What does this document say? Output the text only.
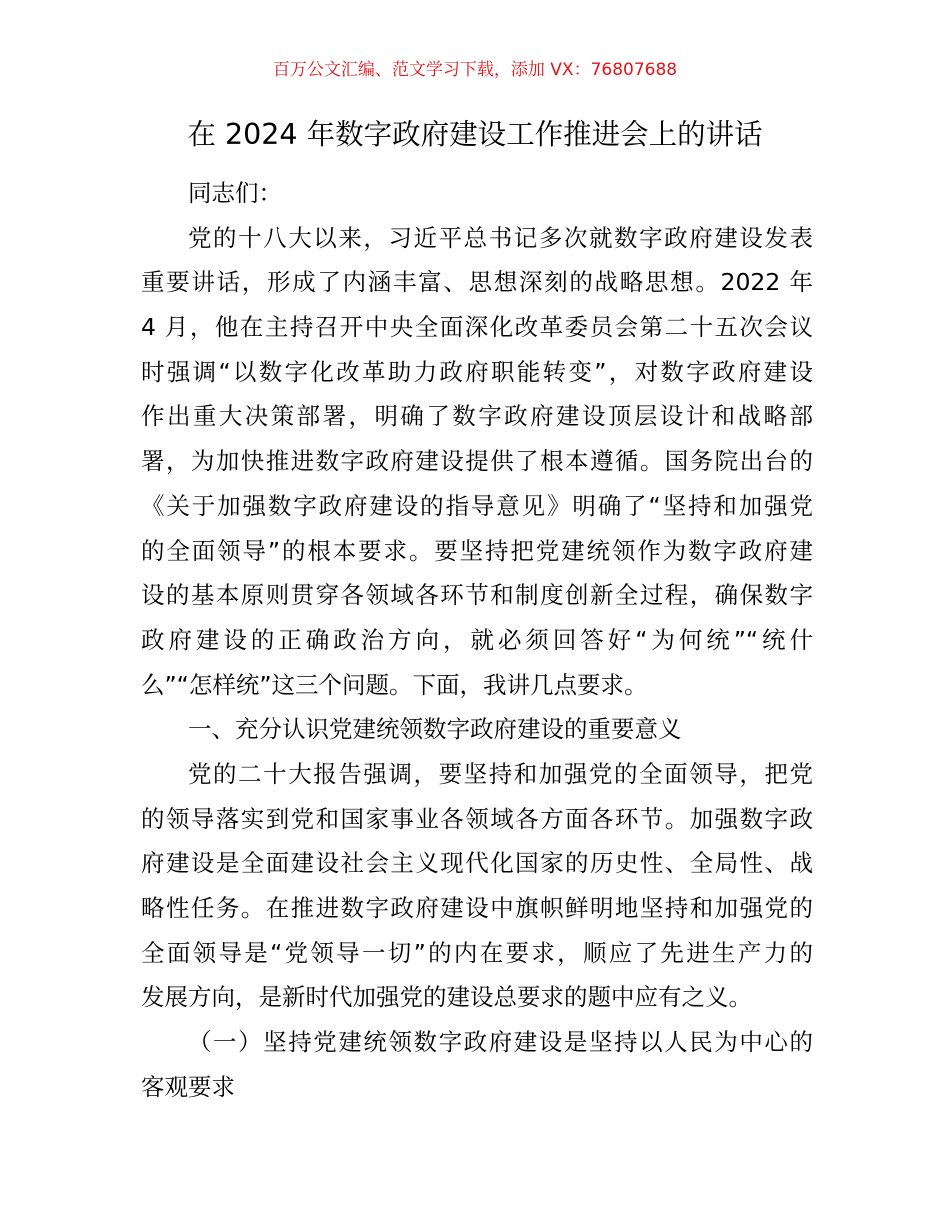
百万公文汇编、范文学习下载，添加 VX：76807688
在 2024 年数字政府建设工作推进会上的讲话
同志们：
党的十八大以来，习近平总书记多次就数字政府建设发表
重要讲话，形成了内涵丰富、思想深刻的战略思想。2022 年
4 月，他在主持召开中央全面深化改革委员会第二十五次会议
时强调“以数字化改革助力政府职能转变”，对数字政府建设
作出重大决策部署，明确了数字政府建设顶层设计和战略部
署，为加快推进数字政府建设提供了根本遵循。国务院出台的
《关于加强数字政府建设的指导意见》明确了“坚持和加强党
的全面领导”的根本要求。要坚持把党建统领作为数字政府建
设的基本原则贯穿各领域各环节和制度创新全过程，确保数字
政府建设的正确政治方向，就必须回答好“为何统”“统什
么”“怎样统”这三个问题。下面，我讲几点要求。
一、充分认识党建统领数字政府建设的重要意义
党的二十大报告强调，要坚持和加强党的全面领导，把党
的领导落实到党和国家事业各领域各方面各环节。加强数字政
府建设是全面建设社会主义现代化国家的历史性、全局性、战
略性任务。在推进数字政府建设中旗帜鲜明地坚持和加强党的
全面领导是“党领导一切”的内在要求，顺应了先进生产力的
发展方向，是新时代加强党的建设总要求的题中应有之义。
（一）坚持党建统领数字政府建设是坚持以人民为中心的
客观要求
